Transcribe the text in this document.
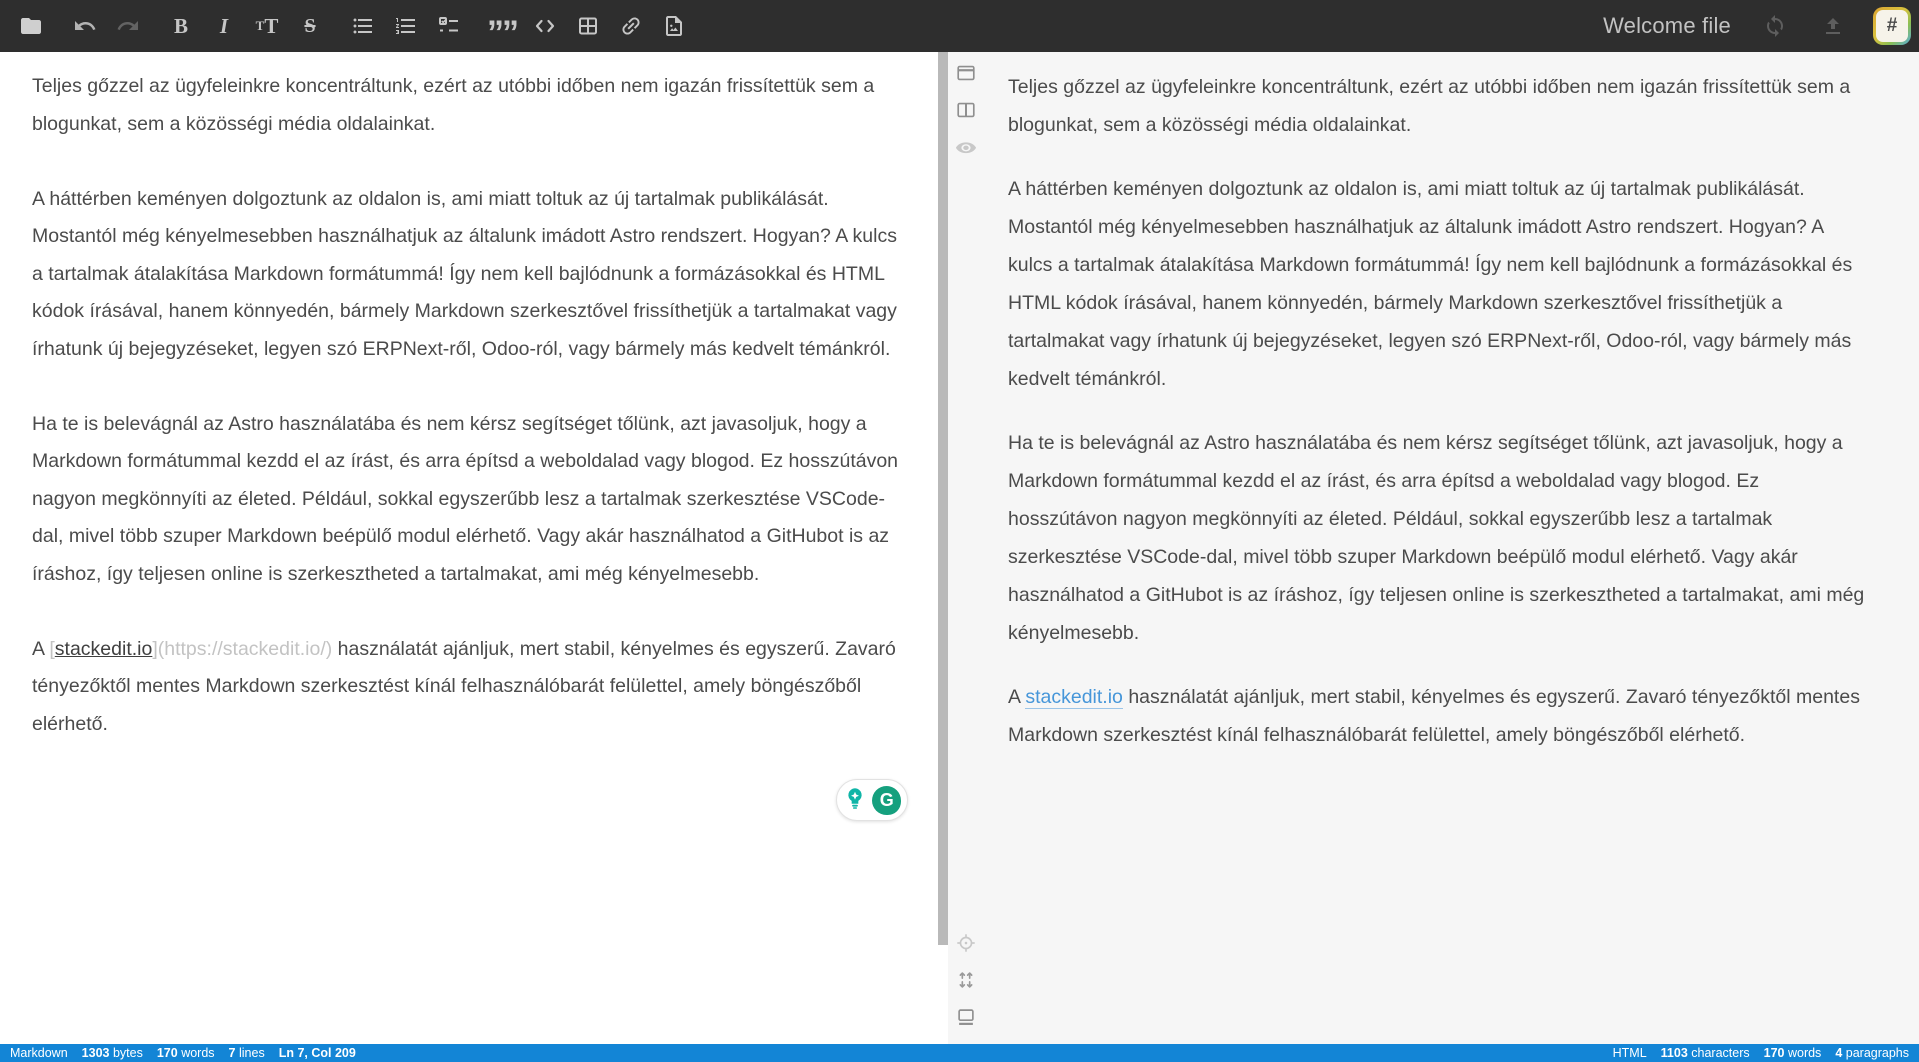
B I T T S	””	Welcome file	#

Teljes gőzzel az ügyfeleinkre koncentráltunk, ezért az utóbbi időben nem igazán frissítettük sem a blogunkat, sem a közösségi média oldalainkat.

A háttérben keményen dolgoztunk az oldalon is, ami miatt toltuk az új tartalmak publikálását. Mostantól még kényelmesebben használhatjuk az általunk imádott Astro rendszert. Hogyan? A kulcs a tartalmak átalakítása Markdown formátummá! Így nem kell bajlódnunk a formázásokkal és HTML kódok írásával, hanem könnyedén, bármely Markdown szerkesztővel frissíthetjük a tartalmakat vagy írhatunk új bejegyzéseket, legyen szó ERPNext-ről, Odoo-ról, vagy bármely más kedvelt témánkról.

Ha te is belevágnál az Astro használatába és nem kérsz segítséget tőlünk, azt javasoljuk, hogy a Markdown formátummal kezdd el az írást, és arra építsd a weboldalad vagy blogod. Ez hosszútávon nagyon megkönnyíti az életed. Például, sokkal egyszerűbb lesz a tartalmak szerkesztése VSCode-dal, mivel több szuper Markdown beépülő modul elérhető. Vagy akár használhatod a GitHubot is az íráshoz, így teljesen online is szerkesztheted a tartalmakat, ami még kényelmesebb.

A [stackedit.io](https://stackedit.io/) használatát ajánljuk, mert stabil, kényelmes és egyszerű. Zavaró tényezőktől mentes Markdown szerkesztést kínál felhasználóbarát felülettel, amely böngészőből elérhető.

G

Teljes gőzzel az ügyfeleinkre koncentráltunk, ezért az utóbbi időben nem igazán frissítettük sem a blogunkat, sem a közösségi média oldalainkat.

A háttérben keményen dolgoztunk az oldalon is, ami miatt toltuk az új tartalmak publikálását. Mostantól még kényelmesebben használhatjuk az általunk imádott Astro rendszert. Hogyan? A kulcs a tartalmak átalakítása Markdown formátummá! Így nem kell bajlódnunk a formázásokkal és HTML kódok írásával, hanem könnyedén, bármely Markdown szerkesztővel frissíthetjük a tartalmakat vagy írhatunk új bejegyzéseket, legyen szó ERPNext-ről, Odoo-ról, vagy bármely más kedvelt témánkról.

Ha te is belevágnál az Astro használatába és nem kérsz segítséget tőlünk, azt javasoljuk, hogy a Markdown formátummal kezdd el az írást, és arra építsd a weboldalad vagy blogod. Ez hosszútávon nagyon megkönnyíti az életed. Például, sokkal egyszerűbb lesz a tartalmak szerkesztése VSCode-dal, mivel több szuper Markdown beépülő modul elérhető. Vagy akár használhatod a GitHubot is az íráshoz, így teljesen online is szerkesztheted a tartalmakat, ami még kényelmesebb.

A stackedit.io használatát ajánljuk, mert stabil, kényelmes és egyszerű. Zavaró tényezőktől mentes Markdown szerkesztést kínál felhasználóbarát felülettel, amely böngészőből elérhető.

Markdown 1303 bytes 170 words 7 lines Ln 7, Col 209	HTML 1103 characters 170 words 4 paragraphs
